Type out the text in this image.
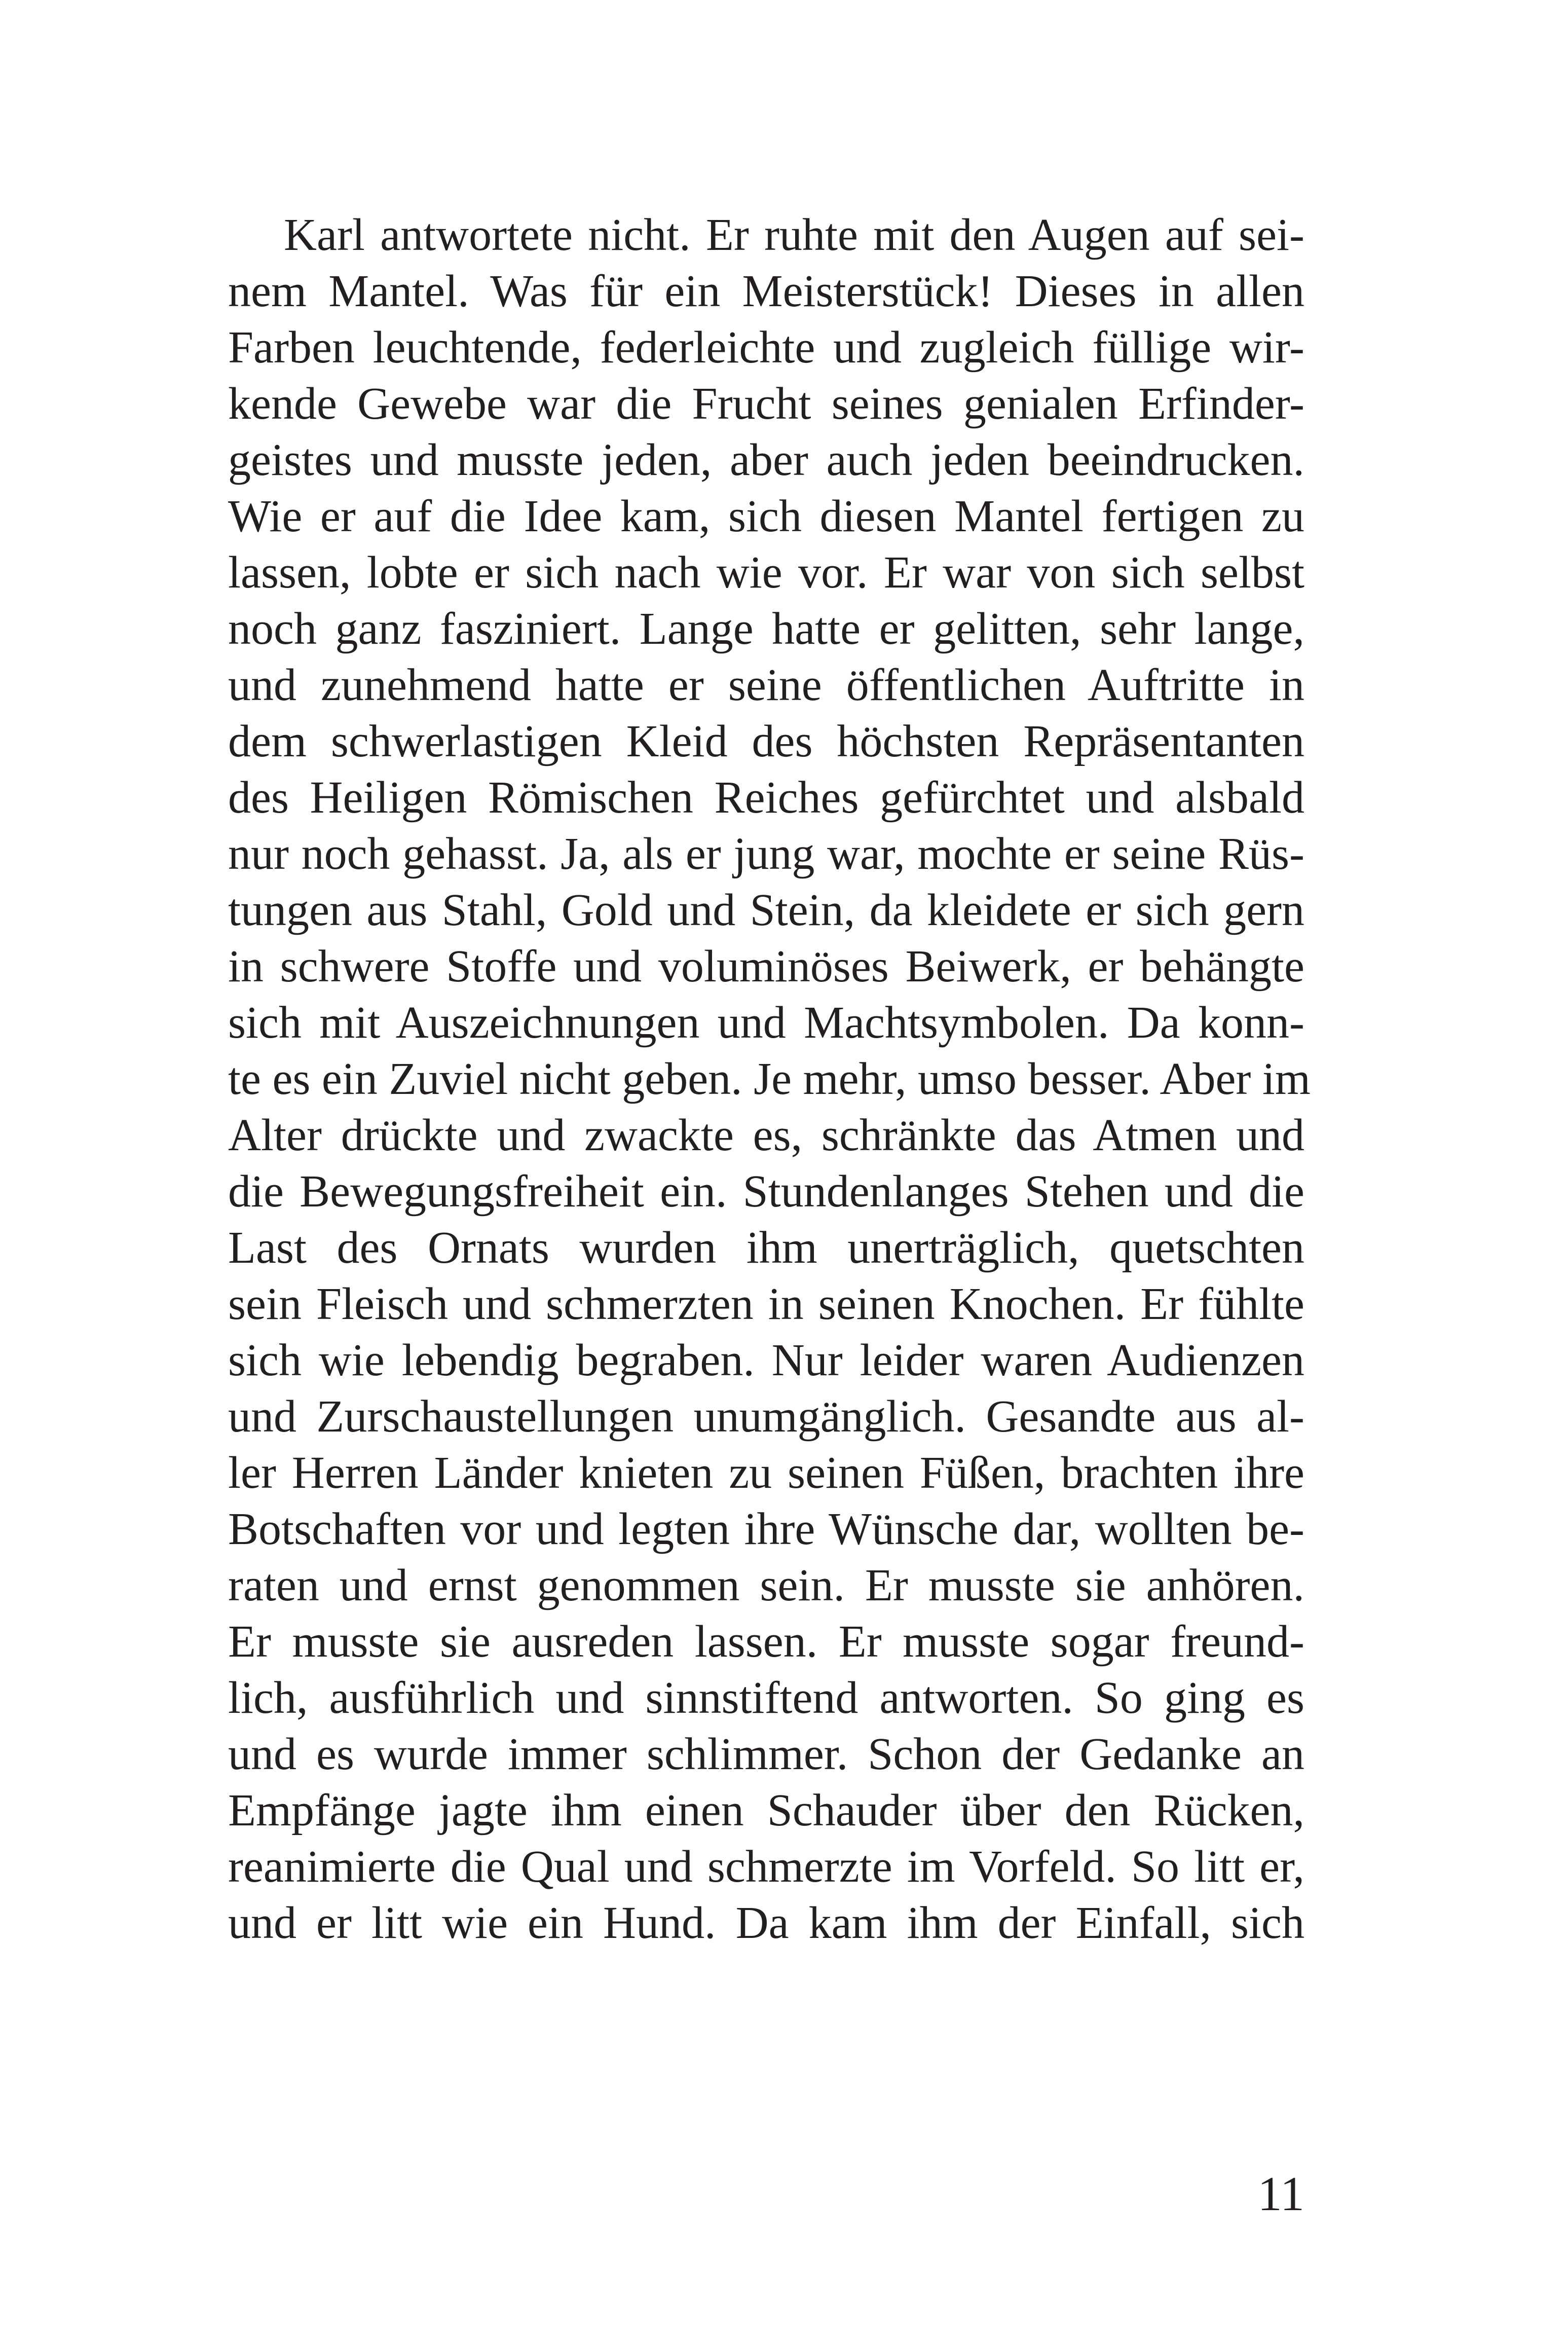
Karl antwortete nicht. Er ruhte mit den Augen auf sei-
nem Mantel. Was für ein Meisterstück! Dieses in allen
Farben leuchtende, federleichte und zugleich füllige wir-
kende Gewebe war die Frucht seines genialen Erfinder-
geistes und musste jeden, aber auch jeden beeindrucken.
Wie er auf die Idee kam, sich diesen Mantel fertigen zu
lassen, lobte er sich nach wie vor. Er war von sich selbst
noch ganz fasziniert. Lange hatte er gelitten, sehr lange,
und zunehmend hatte er seine öffentlichen Auftritte in
dem schwerlastigen Kleid des höchsten Repräsentanten
des Heiligen Römischen Reiches gefürchtet und alsbald
nur noch gehasst. Ja, als er jung war, mochte er seine Rüs-
tungen aus Stahl, Gold und Stein, da kleidete er sich gern
in schwere Stoffe und voluminöses Beiwerk, er behängte
sich mit Auszeichnungen und Machtsymbolen. Da konn-
te es ein Zuviel nicht geben. Je mehr, umso besser. Aber im
Alter drückte und zwackte es, schränkte das Atmen und
die Bewegungsfreiheit ein. Stundenlanges Stehen und die
Last des Ornats wurden ihm unerträglich, quetschten
sein Fleisch und schmerzten in seinen Knochen. Er fühlte
sich wie lebendig begraben. Nur leider waren Audienzen
und Zurschaustellungen unumgänglich. Gesandte aus al-
ler Herren Länder knieten zu seinen Füßen, brachten ihre
Botschaften vor und legten ihre Wünsche dar, wollten be-
raten und ernst genommen sein. Er musste sie anhören.
Er musste sie ausreden lassen. Er musste sogar freund-
lich, ausführlich und sinnstiftend antworten. So ging es
und es wurde immer schlimmer. Schon der Gedanke an
Empfänge jagte ihm einen Schauder über den Rücken,
reanimierte die Qual und schmerzte im Vorfeld. So litt er,
und er litt wie ein Hund. Da kam ihm der Einfall, sich
11
